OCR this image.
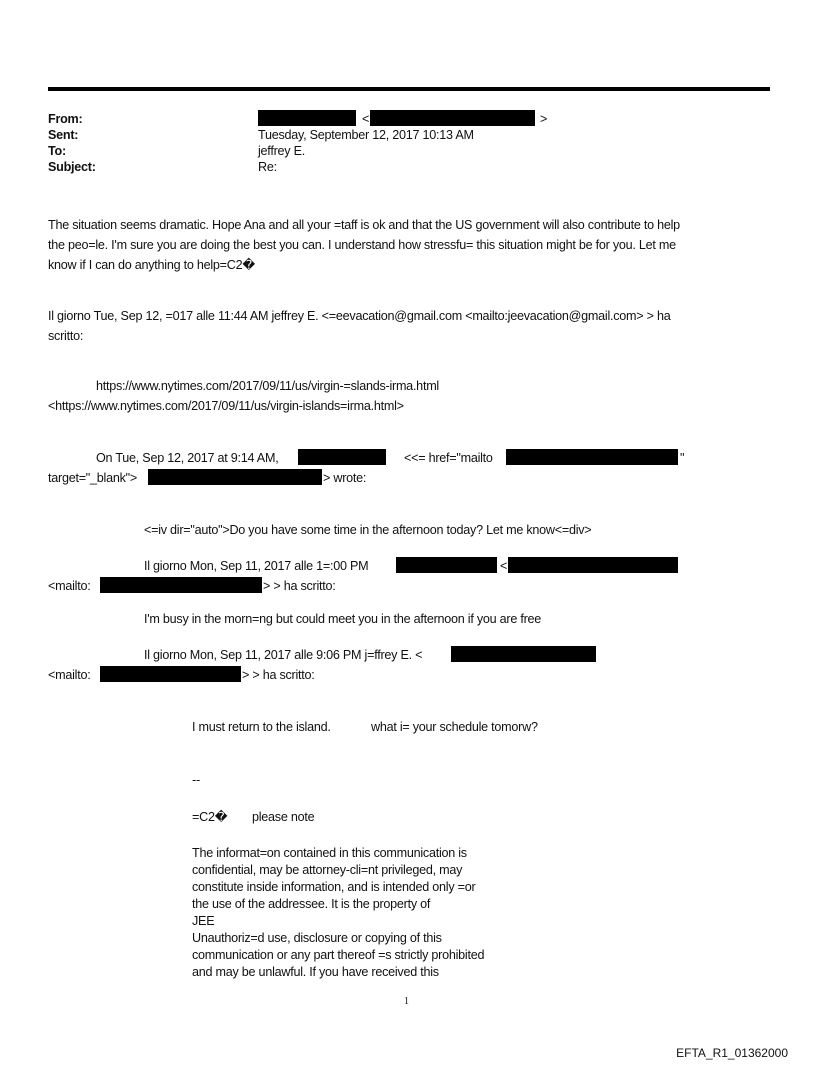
From:	<	>
Sent:	Tuesday, September 12, 2017 10:13 AM
To:	jeffrey E.
Subject:	Re:
The situation seems dramatic. Hope Ana and all your =taff is ok and that the US government will also contribute to help
the peo=le. I'm sure you are doing the best you can. I understand how stressfu= this situation might be for you. Let me
know if I can do anything to help=C2�
Il giorno Tue, Sep 12, =017 alle 11:44 AM jeffrey E. <=eevacation@gmail.com <mailto:jeevacation@gmail.com> > ha
scritto:
https://www.nytimes.com/2017/09/11/us/virgin-=slands-irma.html
<https://www.nytimes.com/2017/09/11/us/virgin-islands=irma.html>
On Tue, Sep 12, 2017 at 9:14 AM,	<<= href="mailto	"
target="_blank">	> wrote:
<=iv dir="auto">Do you have some time in the afternoon today? Let me know<=div>
Il giorno Mon, Sep 11, 2017 alle 1=:00 PM	<
<mailto:	> > ha scritto:
I'm busy in the morn=ng but could meet you in the afternoon if you are free
Il giorno Mon, Sep 11, 2017 alle 9:06 PM j=ffrey E. <
<mailto:	> > ha scritto:
I must return to the island.	what i= your schedule tomorw?
--
=C2� please note
The informat=on contained in this communication is
confidential, may be attorney-cli=nt privileged, may
constitute inside information, and is intended only =or
the use of the addressee. It is the property of
JEE
Unauthoriz=d use, disclosure or copying of this
communication or any part thereof =s strictly prohibited
and may be unlawful. If you have received this
1
EFTA_R1_01362000
